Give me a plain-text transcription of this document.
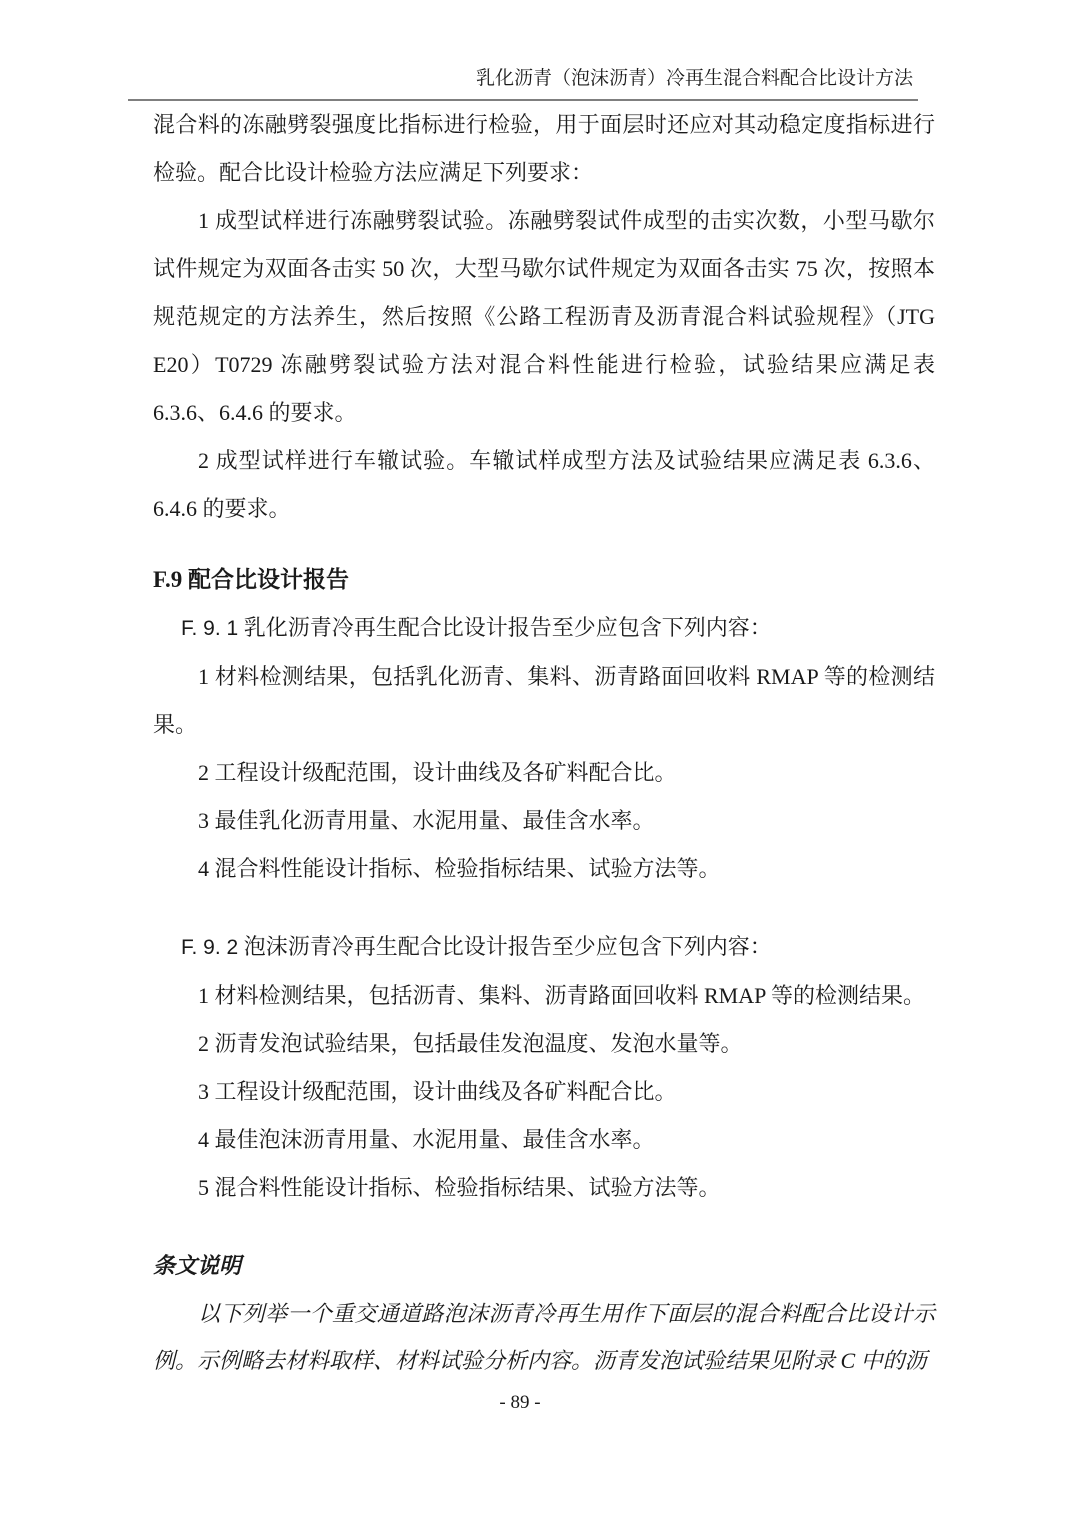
乳化沥青（泡沫沥青）冷再生混合料配合比设计方法

混合料的冻融劈裂强度比指标进行检验，用于面层时还应对其动稳定度指标进行检验。配合比设计检验方法应满足下列要求：

1 成型试样进行冻融劈裂试验。冻融劈裂试件成型的击实次数，小型马歇尔试件规定为双面各击实 50 次，大型马歇尔试件规定为双面各击实 75 次，按照本规范规定的方法养生，然后按照《公路工程沥青及沥青混合料试验规程》（JTG E20）T0729 冻融劈裂试验方法对混合料性能进行检验，试验结果应满足表 6.3.6、6.4.6 的要求。

2 成型试样进行车辙试验。车辙试样成型方法及试验结果应满足表 6.3.6、6.4.6 的要求。

F.9 配合比设计报告

F. 9. 1 乳化沥青冷再生配合比设计报告至少应包含下列内容：

1 材料检测结果，包括乳化沥青、集料、沥青路面回收料 RMAP 等的检测结果。

2 工程设计级配范围，设计曲线及各矿料配合比。

3 最佳乳化沥青用量、水泥用量、最佳含水率。

4 混合料性能设计指标、检验指标结果、试验方法等。

F. 9. 2 泡沫沥青冷再生配合比设计报告至少应包含下列内容：

1 材料检测结果，包括沥青、集料、沥青路面回收料 RMAP 等的检测结果。

2 沥青发泡试验结果，包括最佳发泡温度、发泡水量等。

3 工程设计级配范围，设计曲线及各矿料配合比。

4 最佳泡沫沥青用量、水泥用量、最佳含水率。

5 混合料性能设计指标、检验指标结果、试验方法等。

条文说明

以下列举一个重交通道路泡沫沥青冷再生用作下面层的混合料配合比设计示例。示例略去材料取样、材料试验分析内容。沥青发泡试验结果见附录 C 中的沥

- 89 -
